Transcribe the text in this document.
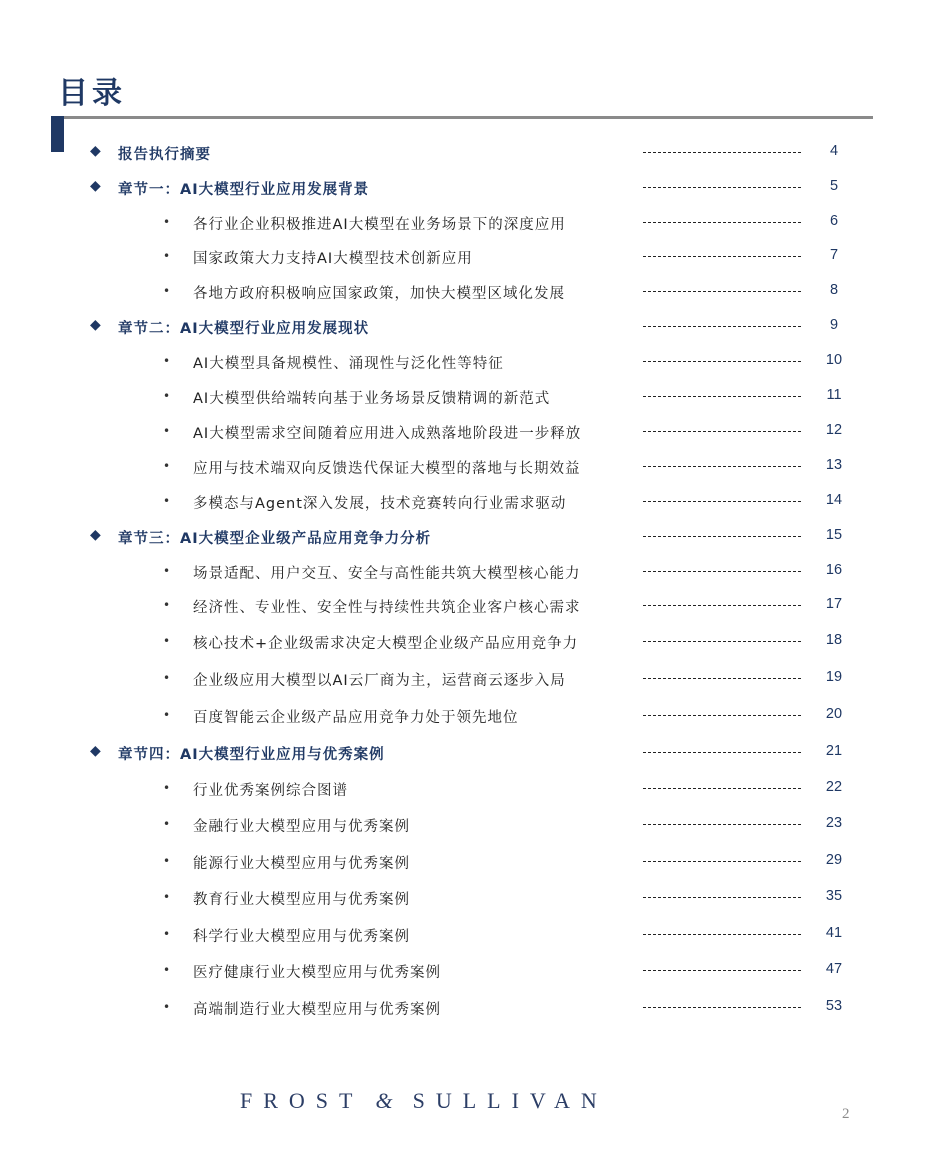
目录
◆ 报告执行摘要	4
◆ 章节一：AI大模型行业应用发展背景	5
• 各行业企业积极推进AI大模型在业务场景下的深度应用	6
• 国家政策大力支持AI大模型技术创新应用	7
• 各地方政府积极响应国家政策，加快大模型区域化发展	8
◆ 章节二：AI大模型行业应用发展现状	9
• AI大模型具备规模性、涌现性与泛化性等特征	10
• AI大模型供给端转向基于业务场景反馈精调的新范式	11
• AI大模型需求空间随着应用进入成熟落地阶段进一步释放	12
• 应用与技术端双向反馈迭代保证大模型的落地与长期效益	13
• 多模态与Agent深入发展，技术竞赛转向行业需求驱动	14
◆ 章节三：AI大模型企业级产品应用竞争力分析	15
• 场景适配、用户交互、安全与高性能共筑大模型核心能力	16
• 经济性、专业性、安全性与持续性共筑企业客户核心需求	17
• 核心技术+企业级需求决定大模型企业级产品应用竞争力	18
• 企业级应用大模型以AI云厂商为主，运营商云逐步入局	19
• 百度智能云企业级产品应用竞争力处于领先地位	20
◆ 章节四：AI大模型行业应用与优秀案例	21
• 行业优秀案例综合图谱	22
• 金融行业大模型应用与优秀案例	23
• 能源行业大模型应用与优秀案例	29
• 教育行业大模型应用与优秀案例	35
• 科学行业大模型应用与优秀案例	41
• 医疗健康行业大模型应用与优秀案例	47
• 高端制造行业大模型应用与优秀案例	53
FROST & SULLIVAN
2
